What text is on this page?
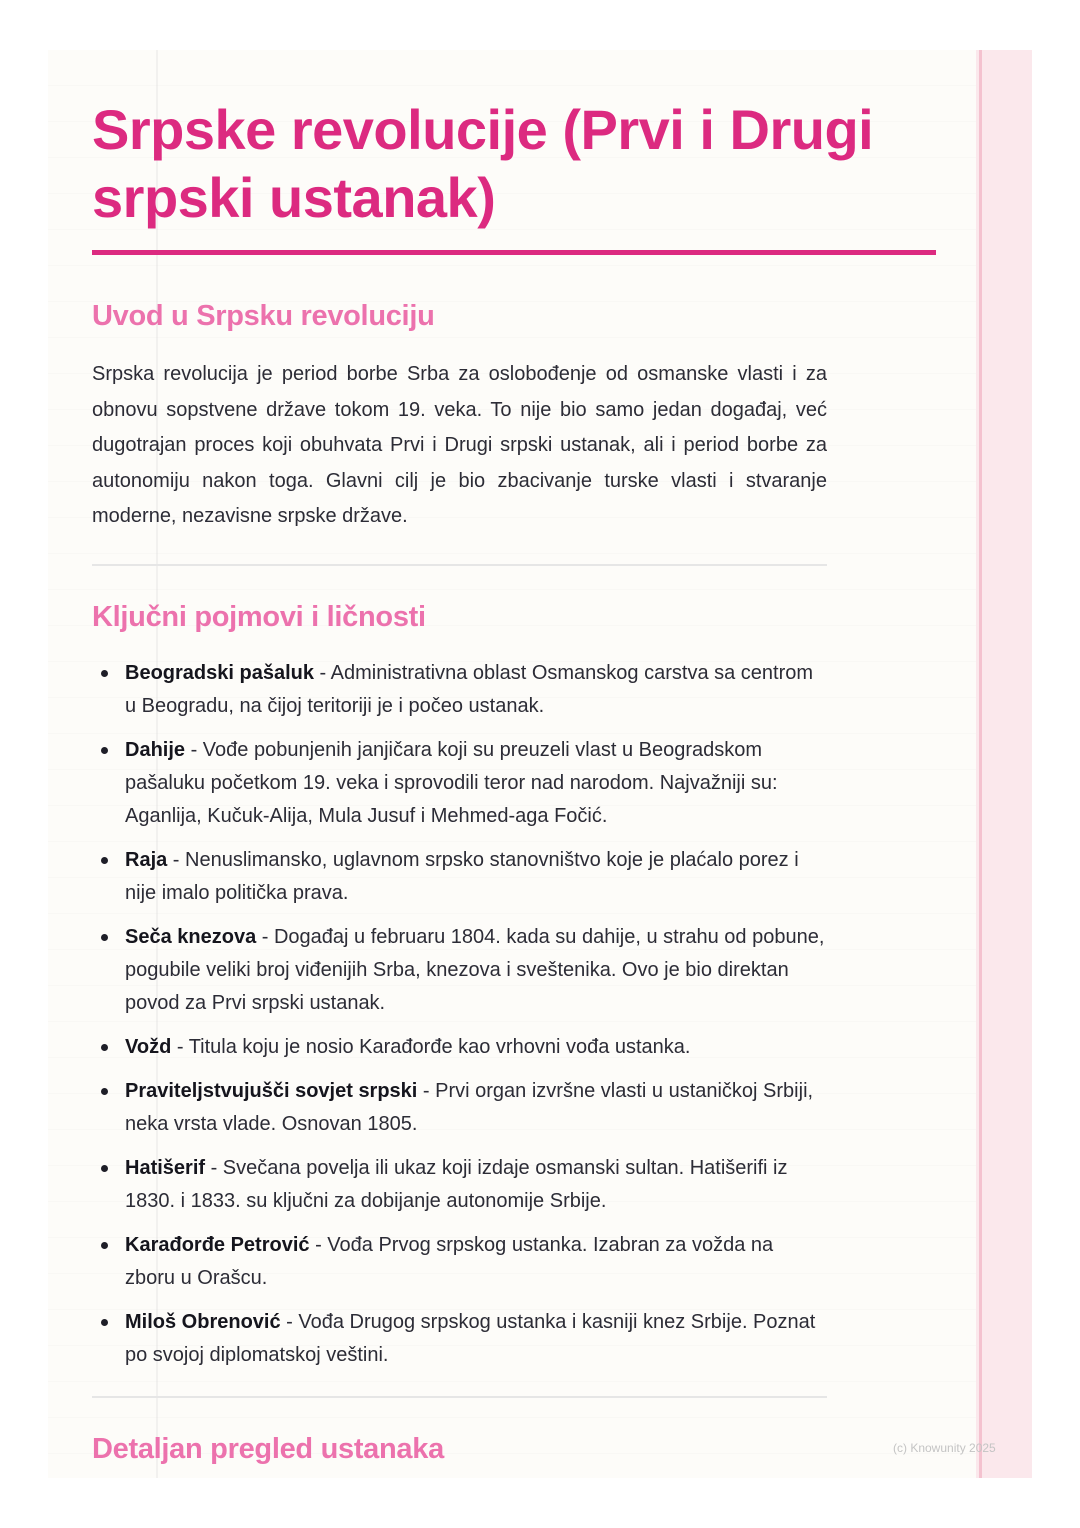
Srpske revolucije (Prvi i Drugi srpski ustanak)
Uvod u Srpsku revoluciju

Srpska revolucija je period borbe Srba za oslobođenje od osmanske vlasti i za obnovu sopstvene države tokom 19. veka. To nije bio samo jedan događaj, već dugotrajan proces koji obuhvata Prvi i Drugi srpski ustanak, ali i period borbe za autonomiju nakon toga. Glavni cilj je bio zbacivanje turske vlasti i stvaranje moderne, nezavisne srpske države.

Ključni pojmovi i ličnosti
Beogradski pašaluk - Administrativna oblast Osmanskog carstva sa centrom u Beogradu, na čijoj teritoriji je i počeo ustanak.
Dahije - Vođe pobunjenih janjičara koji su preuzeli vlast u Beogradskom pašaluku početkom 19. veka i sprovodili teror nad narodom. Najvažniji su: Aganlija, Kučuk-Alija, Mula Jusuf i Mehmed-aga Fočić.
Raja - Nenuslimansko, uglavnom srpsko stanovništvo koje je plaćalo porez i nije imalo politička prava.
Seča knezova - Događaj u februaru 1804. kada su dahije, u strahu od pobune, pogubile veliki broj viđenijih Srba, knezova i sveštenika. Ovo je bio direktan povod za Prvi srpski ustanak.
Vožd - Titula koju je nosio Karađorđe kao vrhovni vođa ustanka.
Praviteljstvujušči sovjet srpski - Prvi organ izvršne vlasti u ustaničkoj Srbiji, neka vrsta vlade. Osnovan 1805.
Hatišerif - Svečana povelja ili ukaz koji izdaje osmanski sultan. Hatišerifi iz 1830. i 1833. su ključni za dobijanje autonomije Srbije.
Karađorđe Petrović - Vođa Prvog srpskog ustanka. Izabran za vožda na zboru u Orašcu.
Miloš Obrenović - Vođa Drugog srpskog ustanka i kasniji knez Srbije. Poznat po svojoj diplomatskoj veštini.
Detaljan pregled ustanaka	(c) Knowunity 2025
